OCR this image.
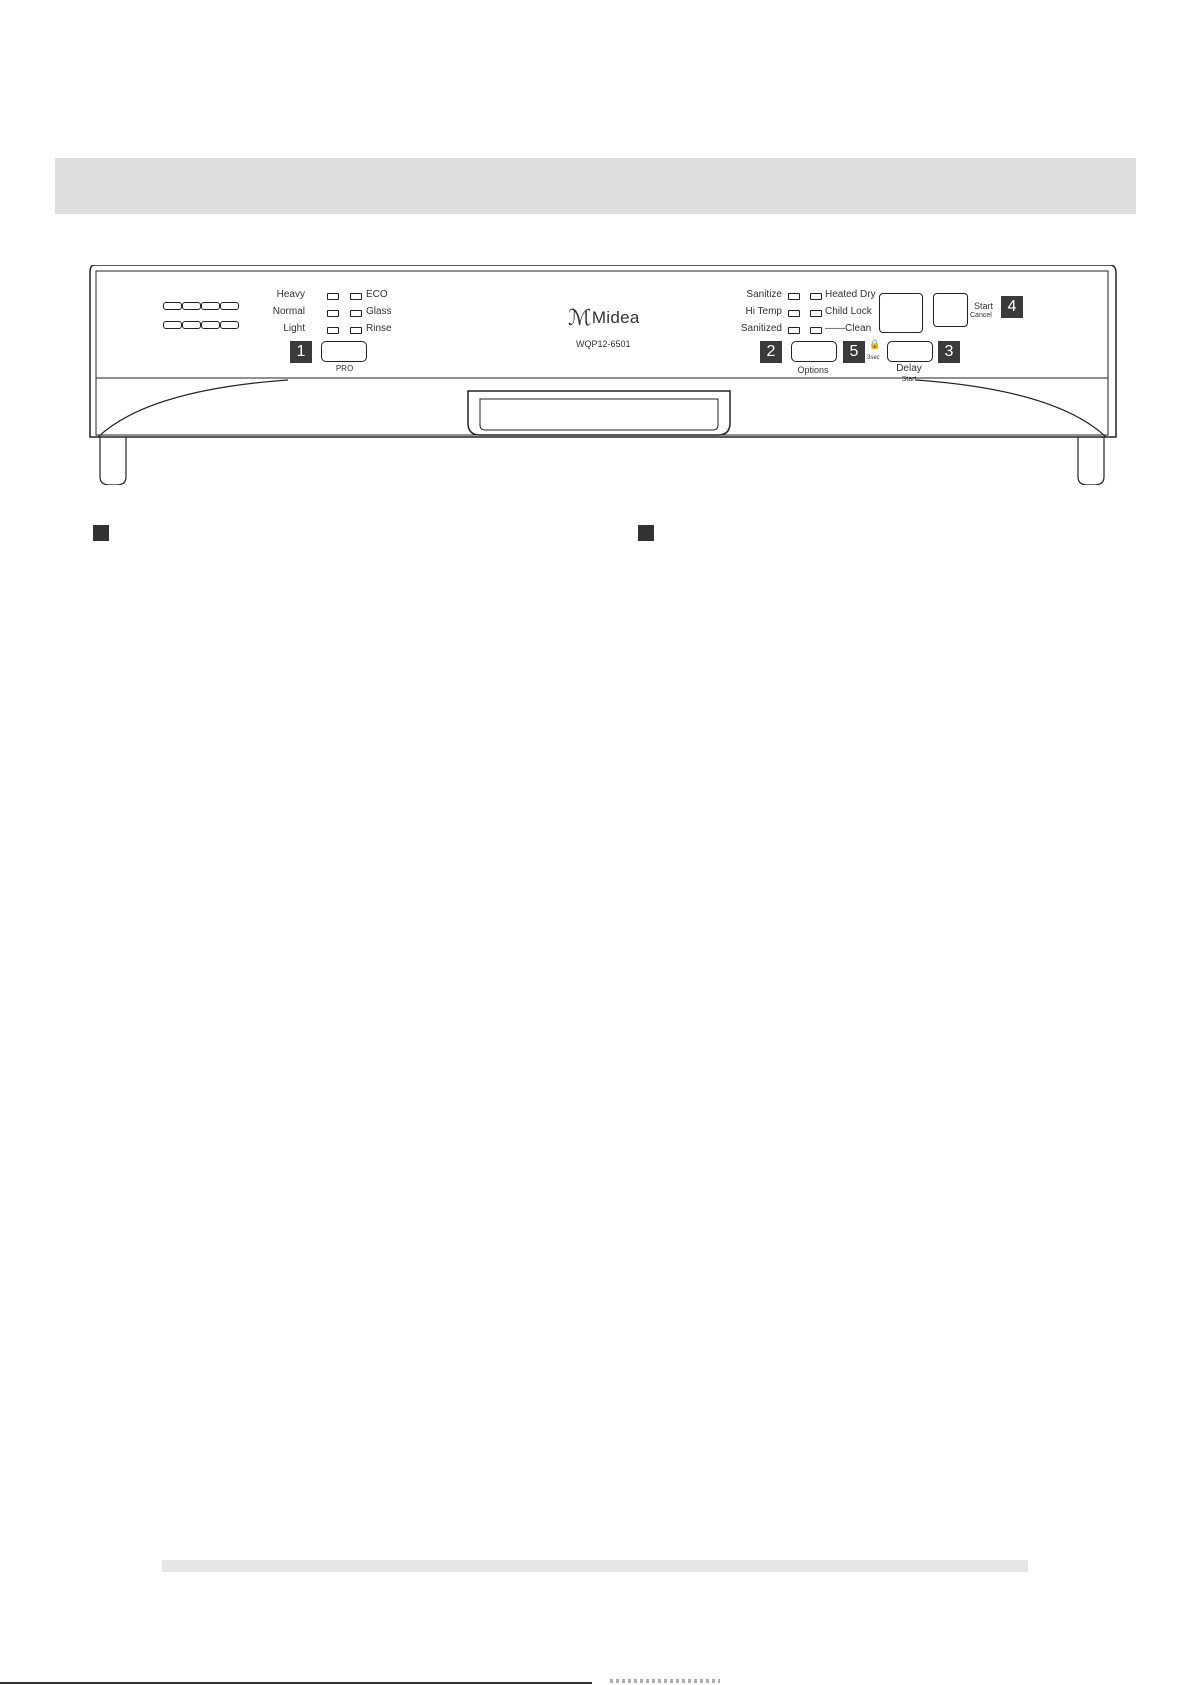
Heavy
Normal
Light
ECO
Glass
Rinse
1
PRO
ℳMidea
WQP12-6501
Sanitize
Hi Temp
Sanitized
Heated Dry
Child Lock
——Clean
2
Options
5	🔒
3sec
Delay
Start
3
Start
Cancel
4
